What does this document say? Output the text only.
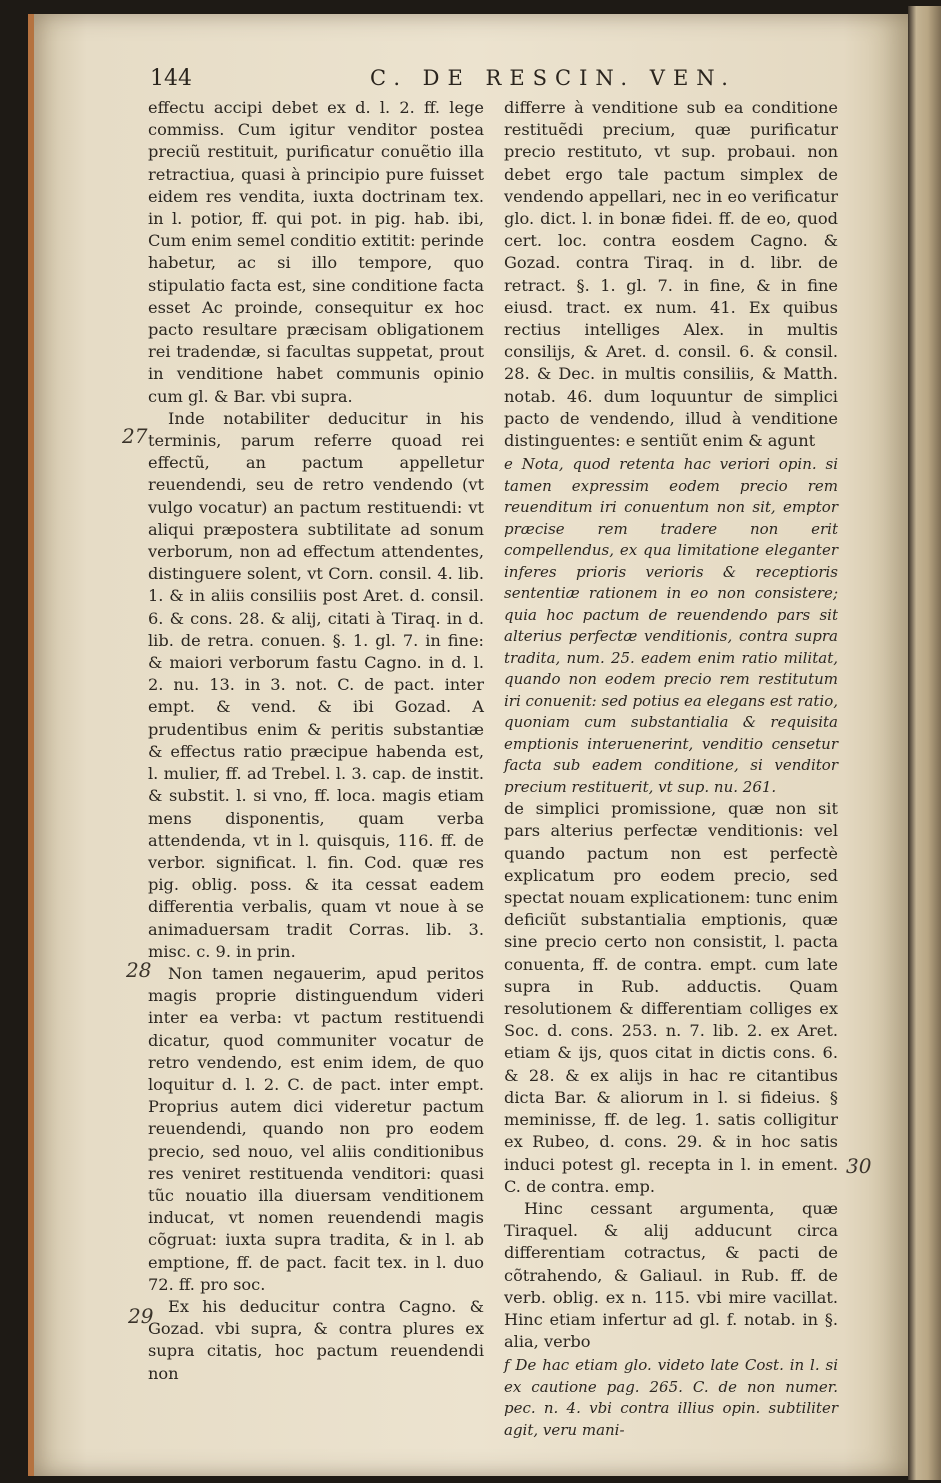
144	C. DE RESCIN. VEN.

effectu accipi debet ex d. l. 2. ff. lege commiss. Cum igitur venditor postea preciũ restituit, purificatur conuẽtio illa retractiua, quasi à principio pure fuisset eidem res vendita, iuxta doctrinam tex. in l. potior, ff. qui pot. in pig. hab. ibi, Cum enim semel conditio extitit: perinde habetur, ac si illo tempore, quo stipulatio facta est, sine conditione facta esset Ac proinde, consequitur ex hoc pacto resultare præcisam obligationem rei tradendæ, si facultas suppetat, prout in venditione habet communis opinio cum gl. & Bar. vbi supra.

Inde notabiliter deducitur in his terminis, parum referre quoad rei effectũ, an pactum appelletur reuendendi, seu de retro vendendo (vt vulgo vocatur) an pactum restituendi: vt aliqui præpostera subtilitate ad sonum verborum, non ad effectum attendentes, distinguere solent, vt Corn. consil. 4. lib. 1. & in aliis consiliis post Aret. d. consil. 6. & cons. 28. & alij, citati à Tiraq. in d. lib. de retra. conuen. §. 1. gl. 7. in fine: & maiori verborum fastu Cagno. in d. l. 2. nu. 13. in 3. not. C. de pact. inter empt. & vend. & ibi Gozad. A prudentibus enim & peritis substantiæ & effectus ratio præcipue habenda est, l. mulier, ff. ad Trebel. l. 3. cap. de instit. & substit. l. si vno, ff. loca. magis etiam mens disponentis, quam verba attendenda, vt in l. quisquis, 116. ff. de verbor. significat. l. fin. Cod. quæ res pig. oblig. poss. & ita cessat eadem differentia verbalis, quam vt noue à se animaduersam tradit Corras. lib. 3. misc. c. 9. in prin.

Non tamen negauerim, apud peritos magis proprie distinguendum videri inter ea verba: vt pactum restituendi dicatur, quod communiter vocatur de retro vendendo, est enim idem, de quo loquitur d. l. 2. C. de pact. inter empt. Proprius autem dici videretur pactum reuendendi, quando non pro eodem precio, sed nouo, vel aliis conditionibus res veniret restituenda venditori: quasi tũc nouatio illa diuersam venditionem inducat, vt nomen reuendendi magis cõgruat: iuxta supra tradita, & in l. ab emptione, ff. de pact. facit tex. in l. duo 72. ff. pro soc.

Ex his deducitur contra Cagno. & Gozad. vbi supra, & contra plures ex supra citatis, hoc pactum reuendendi non

differre à venditione sub ea conditione restituẽdi precium, quæ purificatur precio restituto, vt sup. probaui. non debet ergo tale pactum simplex de vendendo appellari, nec in eo verificatur glo. dict. l. in bonæ fidei. ff. de eo, quod cert. loc. contra eosdem Cagno. & Gozad. contra Tiraq. in d. libr. de retract. §. 1. gl. 7. in fine, & in fine eiusd. tract. ex num. 41. Ex quibus rectius intelliges Alex. in multis consilijs, & Aret. d. consil. 6. & consil. 28. & Dec. in multis consiliis, & Matth. notab. 46. dum loquuntur de simplici pacto de vendendo, illud à venditione distinguentes: e sentiũt enim & agunt

e Nota, quod retenta hac veriori opin. si tamen expressim eodem precio rem reuenditum iri conuentum non sit, emptor præcise rem tradere non erit compellendus, ex qua limitatione eleganter inferes prioris verioris & receptioris sententiæ rationem in eo non consistere; quia hoc pactum de reuendendo pars sit alterius perfectæ venditionis, contra supra tradita, num. 25. eadem enim ratio militat, quando non eodem precio rem restitutum iri conuenit: sed potius ea elegans est ratio, quoniam cum substantialia & requisita emptionis interuenerint, venditio censetur facta sub eadem conditione, si venditor precium restituerit, vt sup. nu. 261.

de simplici promissione, quæ non sit pars alterius perfectæ venditionis: vel quando pactum non est perfectè explicatum pro eodem precio, sed spectat nouam explicationem: tunc enim deficiũt substantialia emptionis, quæ sine precio certo non consistit, l. pacta conuenta, ff. de contra. empt. cum late supra in Rub. adductis. Quam resolutionem & differentiam colliges ex Soc. d. cons. 253. n. 7. lib. 2. ex Aret. etiam & ijs, quos citat in dictis cons. 6. & 28. & ex alijs in hac re citantibus dicta Bar. & aliorum in l. si fideius. § meminisse, ff. de leg. 1. satis colligitur ex Rubeo, d. cons. 29. & in hoc satis induci potest gl. recepta in l. in ement. C. de contra. emp.

Hinc cessant argumenta, quæ Tiraquel. & alij adducunt circa differentiam cotractus, & pacti de cõtrahendo, & Galiaul. in Rub. ff. de verb. oblig. ex n. 115. vbi mire vacillat. Hinc etiam infertur ad gl. f. notab. in §. alia, verbo

f De hac etiam glo. videto late Cost. in l. si ex cautione pag. 265. C. de non numer. pec. n. 4. vbi contra illius opin. subtiliter agit, veru mani-

27
28
29
30
